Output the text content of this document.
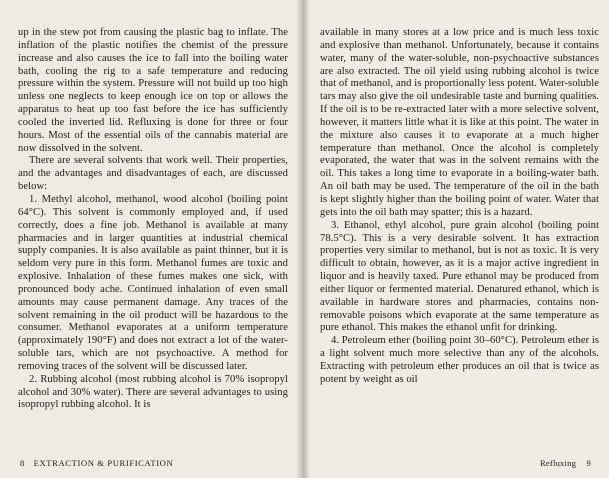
up in the stew pot from causing the plastic bag to inflate. The inflation of the plastic notifies the chemist of the pressure increase and also causes the ice to fall into the boiling water bath, cooling the rig to a safe temperature and reducing pressure within the system. Pressure will not build up too high unless one neglects to keep enough ice on top or allows the apparatus to heat up too fast before the ice has sufficiently cooled the inverted lid. Refluxing is done for three or four hours. Most of the essential oils of the cannabis material are now dissolved in the solvent.

There are several solvents that work well. Their properties, and the advantages and disadvantages of each, are discussed below:

1. Methyl alcohol, methanol, wood alcohol (boiling point 64°C). This solvent is commonly employed and, if used correctly, does a fine job. Methanol is available at many pharmacies and in larger quantities at industrial chemical supply companies. It is also available as paint thinner, but it is seldom very pure in this form. Methanol fumes are toxic and explosive. Inhalation of these fumes makes one sick, with pronounced body ache. Continued inhalation of even small amounts may cause permanent damage. Any traces of the solvent remaining in the oil product will be hazardous to the consumer. Methanol evaporates at a uniform temperature (approximately 190°F) and does not extract a lot of the water-soluble tars, which are not psychoactive. A method for removing traces of the solvent will be discussed later.

2. Rubbing alcohol (most rubbing alcohol is 70% isopropyl alcohol and 30% water). There are several advantages to using isopropyl rubbing alcohol. It is

8 EXTRACTION & PURIFICATION

available in many stores at a low price and is much less toxic and explosive than methanol. Unfortunately, because it contains water, many of the water-soluble, non-psychoactive substances are also extracted. The oil yield using rubbing alcohol is twice that of methanol, and is proportionally less potent. Water-soluble tars may also give the oil undesirable taste and burning qualities. If the oil is to be re-extracted later with a more selective solvent, however, it matters little what it is like at this point. The water in the mixture also causes it to evaporate at a much higher temperature than methanol. Once the alcohol is completely evaporated, the water that was in the solvent remains with the oil. This takes a long time to evaporate in a boiling-water bath. An oil bath may be used. The temperature of the oil in the bath is kept slightly higher than the boiling point of water. Water that gets into the oil bath may spatter; this is a hazard.

3. Ethanol, ethyl alcohol, pure grain alcohol (boiling point 78.5°C). This is a very desirable solvent. It has extraction properties very similar to methanol, but is not as toxic. It is very difficult to obtain, however, as it is a major active ingredient in liquor and is heavily taxed. Pure ethanol may be produced from either liquor or fermented material. Denatured ethanol, which is available in hardware stores and pharmacies, contains non-removable poisons which evaporate at the same temperature as pure ethanol. This makes the ethanol unfit for drinking.

4. Petroleum ether (boiling point 30–60°C). Petroleum ether is a light solvent much more selective than any of the alcohols. Extracting with petroleum ether produces an oil that is twice as potent by weight as oil

Refluxing 9
